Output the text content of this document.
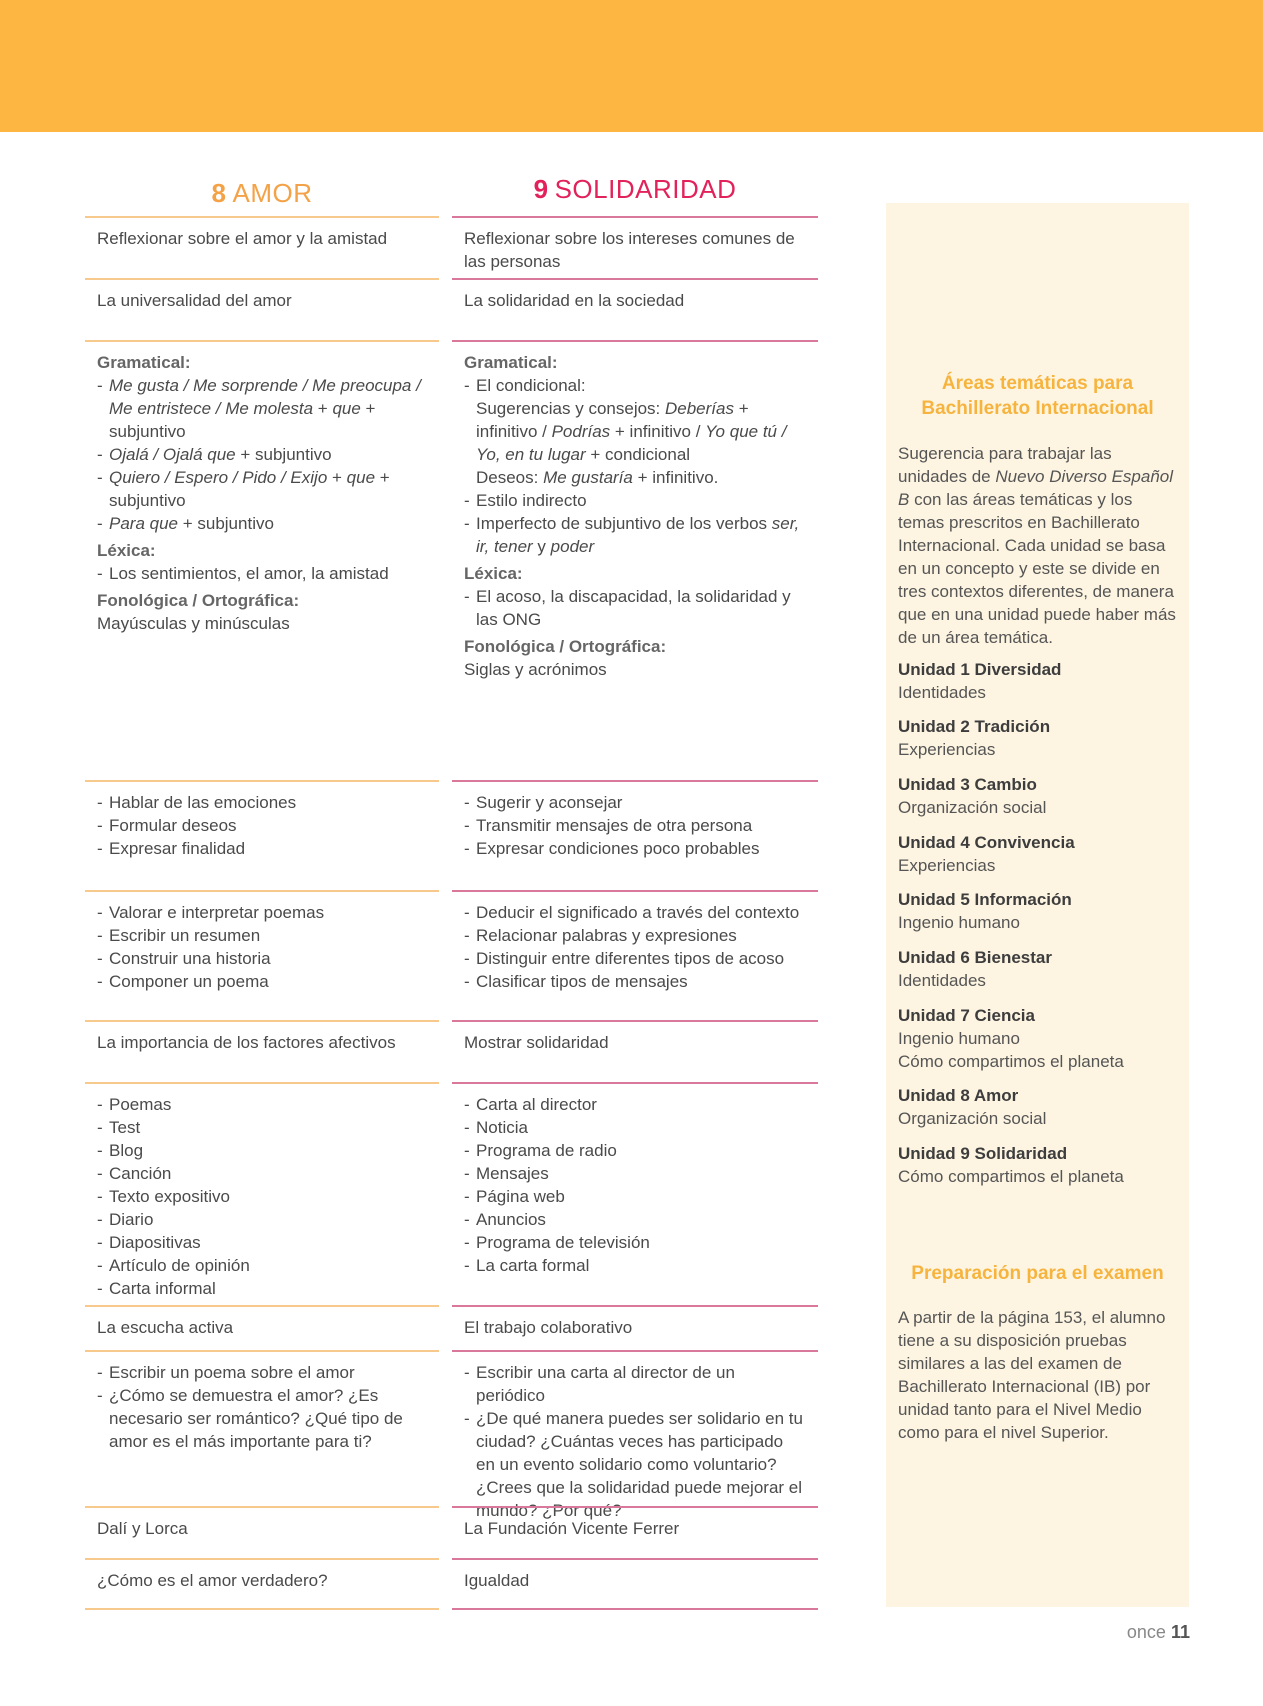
8 AMOR

Reflexionar sobre el amor y la amistad

La universalidad del amor

Gramatical:
- Me gusta / Me sorprende / Me preocupa / Me entristece / Me molesta + que + subjuntivo
- Ojalá / Ojalá que + subjuntivo
- Quiero / Espero / Pido / Exijo + que + subjuntivo
- Para que + subjuntivo
Léxica:
- Los sentimientos, el amor, la amistad
Fonológica / Ortográfica:

Mayúsculas y minúsculas

- Hablar de las emociones
- Formular deseos
- Expresar finalidad
- Valorar e interpretar poemas
- Escribir un resumen
- Construir una historia
- Componer un poema

La importancia de los factores afectivos

- Poemas
- Test
- Blog
- Canción
- Texto expositivo
- Diario
- Diapositivas
- Artículo de opinión
- Carta informal

La escucha activa

- Escribir un poema sobre el amor
- ¿Cómo se demuestra el amor? ¿Es necesario ser romántico? ¿Qué tipo de amor es el más importante para ti?

Dalí y Lorca

¿Cómo es el amor verdadero?

9 SOLIDARIDAD

Reflexionar sobre los intereses comunes de las personas

La solidaridad en la sociedad

Gramatical:
- El condicional:
Sugerencias y consejos: Deberías + infinitivo / Podrías + infinitivo / Yo que tú / Yo, en tu lugar + condicional
Deseos: Me gustaría + infinitivo.
- Estilo indirecto
- Imperfecto de subjuntivo de los verbos ser, ir, tener y poder
Léxica:
- El acoso, la discapacidad, la solidaridad y las ONG
Fonológica / Ortográfica:

Siglas y acrónimos

- Sugerir y aconsejar
- Transmitir mensajes de otra persona
- Expresar condiciones poco probables
- Deducir el significado a través del contexto
- Relacionar palabras y expresiones
- Distinguir entre diferentes tipos de acoso
- Clasificar tipos de mensajes

Mostrar solidaridad

- Carta al director
- Noticia
- Programa de radio
- Mensajes
- Página web
- Anuncios
- Programa de televisión
- La carta formal

El trabajo colaborativo

- Escribir una carta al director de un periódico
- ¿De qué manera puedes ser solidario en tu ciudad? ¿Cuántas veces has participado en un evento solidario como voluntario? ¿Crees que la solidaridad puede mejorar el mundo? ¿Por qué?

La Fundación Vicente Ferrer

Igualdad

Áreas temáticas para Bachillerato Internacional
Sugerencia para trabajar las unidades de Nuevo Diverso Español B con las áreas temáticas y los temas prescritos en Bachillerato Internacional. Cada unidad se basa en un concepto y este se divide en tres contextos diferentes, de manera que en una unidad puede haber más de un área temática.
Unidad 1 Diversidad
Identidades
Unidad 2 Tradición
Experiencias
Unidad 3 Cambio
Organización social
Unidad 4 Convivencia
Experiencias
Unidad 5 Información
Ingenio humano
Unidad 6 Bienestar
Identidades
Unidad 7 Ciencia
Ingenio humano
Cómo compartimos el planeta
Unidad 8 Amor
Organización social
Unidad 9 Solidaridad
Cómo compartimos el planeta
Preparación para el examen
A partir de la página 153, el alumno tiene a su disposición pruebas similares a las del examen de Bachillerato Internacional (IB) por unidad tanto para el Nivel Medio como para el nivel Superior.
once 11
